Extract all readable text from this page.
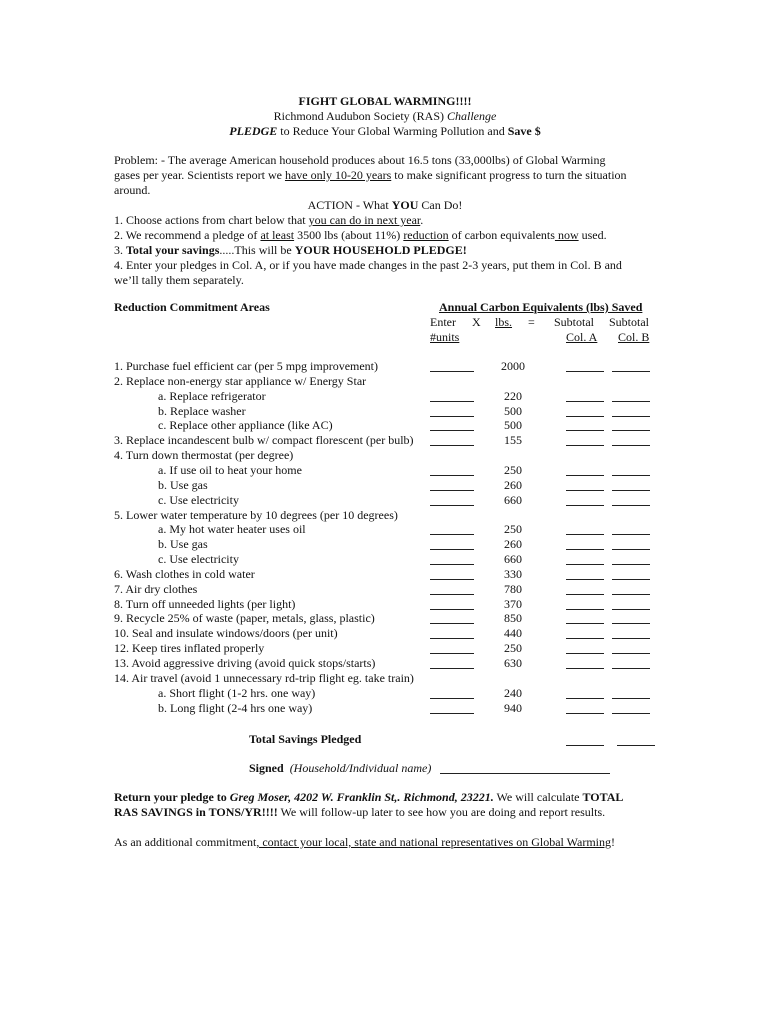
FIGHT GLOBAL WARMING!!!!
Richmond Audubon Society (RAS) Challenge
PLEDGE to Reduce Your Global Warming Pollution and Save $
Problem: - The average American household produces about 16.5 tons (33,000lbs) of Global Warming
gases per year. Scientists report we have only 10-20 years to make significant progress to turn the situation
around.
ACTION - What YOU Can Do!
1. Choose actions from chart below that you can do in next year.
2. We recommend a pledge of at least 3500 lbs (about 11%) reduction of carbon equivalents now used.
3. Total your savings.....This will be YOUR HOUSEHOLD PLEDGE!
4. Enter your pledges in Col. A, or if you have made changes in the past 2-3 years, put them in Col. B and
we’ll tally them separately.
Reduction Commitment Areas	Annual Carbon Equivalents (lbs) Saved
Enter X lbs. = Subtotal Subtotal
#units	Col. A Col. B
1. Purchase fuel efficient car (per 5 mpg improvement)	2000
2. Replace non-energy star appliance w/ Energy Star
a. Replace refrigerator	220
b. Replace washer	500
c. Replace other appliance (like AC)	500
3. Replace incandescent bulb w/ compact florescent (per bulb)	155
4. Turn down thermostat (per degree)
a. If use oil to heat your home	250
b. Use gas	260
c. Use electricity	660
5. Lower water temperature by 10 degrees (per 10 degrees)
a. My hot water heater uses oil	250
b. Use gas	260
c. Use electricity	660
6. Wash clothes in cold water	330
7. Air dry clothes	780
8. Turn off unneeded lights (per light)	370
9. Recycle 25% of waste (paper, metals, glass, plastic)	850
10. Seal and insulate windows/doors (per unit)	440
12. Keep tires inflated properly	250
13. Avoid aggressive driving (avoid quick stops/starts)	630
14. Air travel (avoid 1 unnecessary rd-trip flight eg. take train)
a. Short flight (1-2 hrs. one way)	240
b. Long flight (2-4 hrs one way)	940
Total Savings Pledged
Signed (Household/Individual name)
Return your pledge to Greg Moser, 4202 W. Franklin St,. Richmond, 23221. We will calculate TOTAL
RAS SAVINGS in TONS/YR!!!! We will follow-up later to see how you are doing and report results.
As an additional commitment, contact your local, state and national representatives on Global Warming!
